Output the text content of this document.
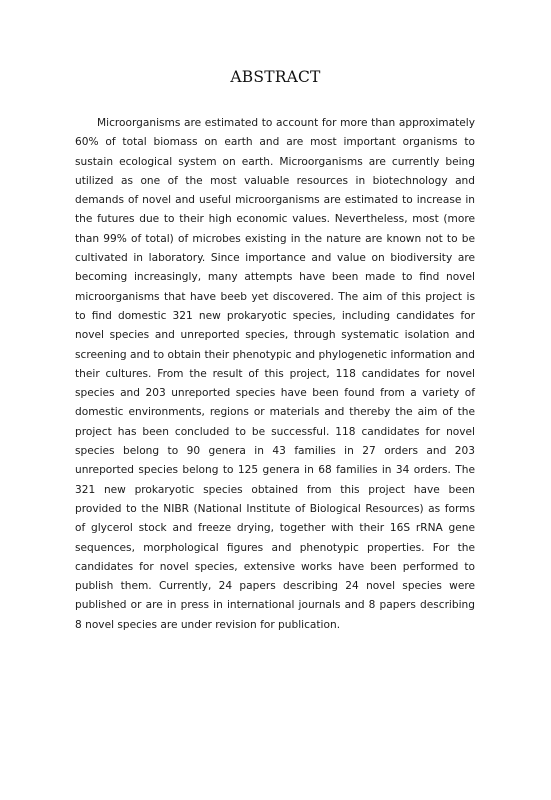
ABSTRACT

Microorganisms are estimated to account for more than approximately 60% of total biomass on earth and are most important organisms to sustain ecological system on earth. Microorganisms are currently being utilized as one of the most valuable resources in biotechnology and demands of novel and useful microorganisms are estimated to increase in the futures due to their high economic values. Nevertheless, most (more than 99% of total) of microbes existing in the nature are known not to be cultivated in laboratory. Since importance and value on biodiversity are becoming increasingly, many attempts have been made to find novel microorganisms that have beeb yet discovered. The aim of this project is to find domestic 321 new prokaryotic species, including candidates for novel species and unreported species, through systematic isolation and screening and to obtain their phenotypic and phylogenetic information and their cultures. From the result of this project, 118 candidates for novel species and 203 unreported species have been found from a variety of domestic environments, regions or materials and thereby the aim of the project has been concluded to be successful. 118 candidates for novel species belong to 90 genera in 43 families in 27 orders and 203 unreported species belong to 125 genera in 68 families in 34 orders. The 321 new prokaryotic species obtained from this project have been provided to the NIBR (National Institute of Biological Resources) as forms of glycerol stock and freeze drying, together with their 16S rRNA gene sequences, morphological figures and phenotypic properties. For the candidates for novel species, extensive works have been performed to publish them. Currently, 24 papers describing 24 novel species were published or are in press in international journals and 8 papers describing 8 novel species are under revision for publication.
